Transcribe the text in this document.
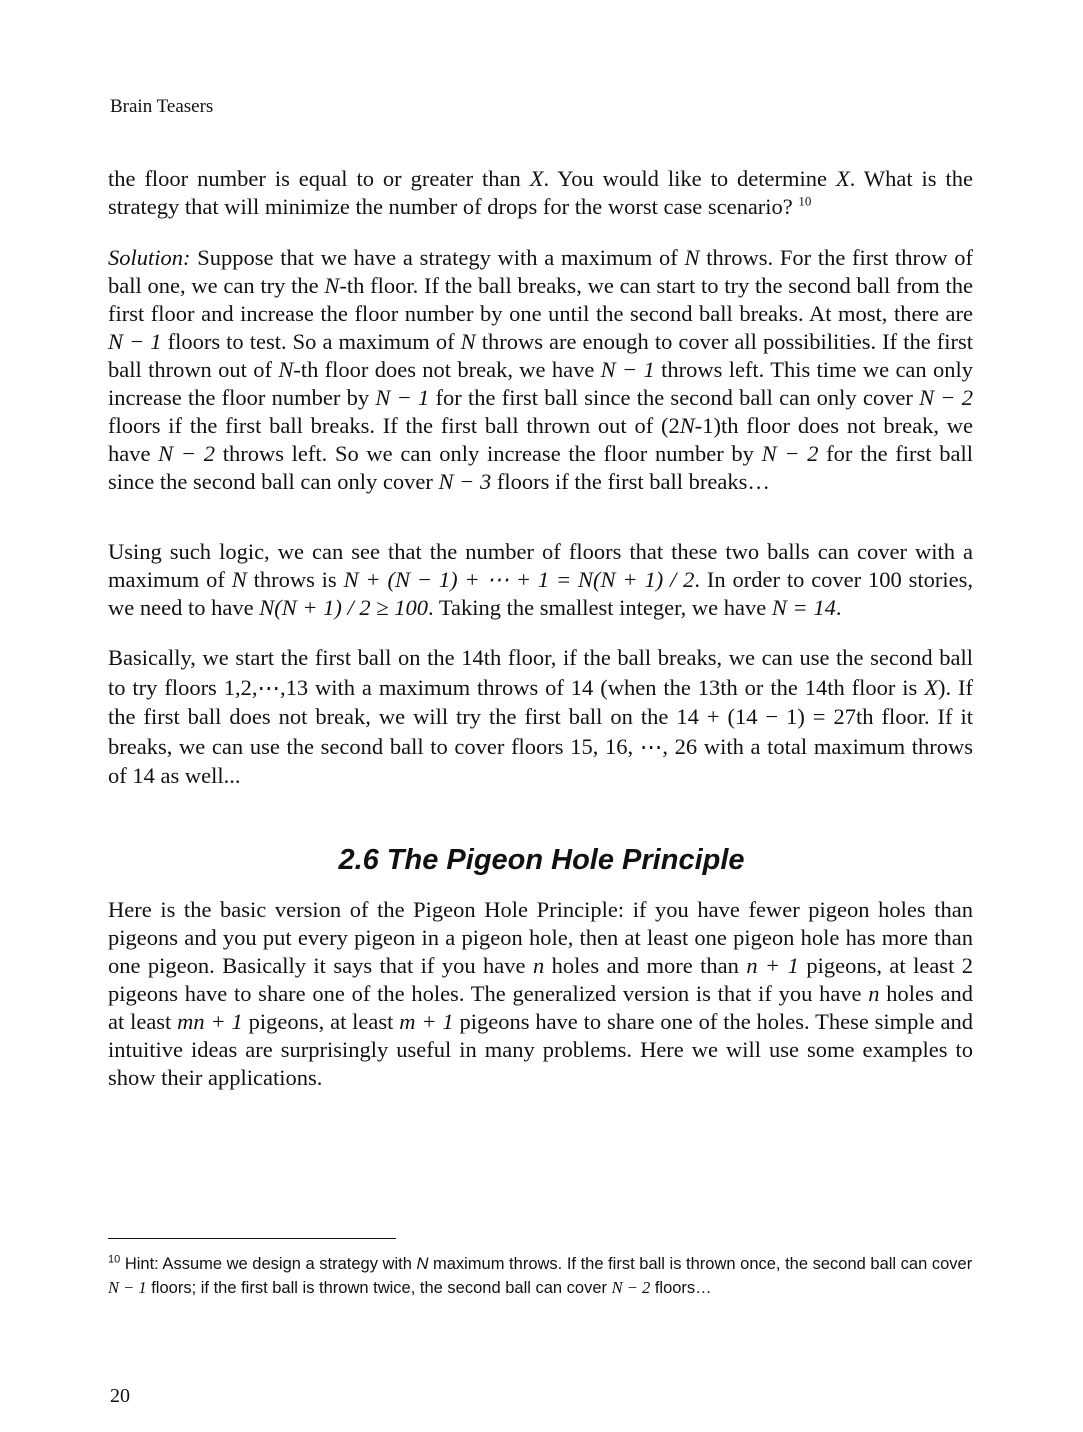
Brain Teasers

the floor number is equal to or greater than X. You would like to determine X. What is the strategy that will minimize the number of drops for the worst case scenario? $^{10}$

Solution: Suppose that we have a strategy with a maximum of N throws. For the first throw of ball one, we can try the N-th floor. If the ball breaks, we can start to try the second ball from the first floor and increase the floor number by one until the second ball breaks. At most, there are N − 1 floors to test. So a maximum of N throws are enough to cover all possibilities. If the first ball thrown out of N-th floor does not break, we have N − 1 throws left. This time we can only increase the floor number by N − 1 for the first ball since the second ball can only cover N − 2 floors if the first ball breaks. If the first ball thrown out of (2N-1)th floor does not break, we have N − 2 throws left. So we can only increase the floor number by N − 2 for the first ball since the second ball can only cover N − 3 floors if the first ball breaks…

Using such logic, we can see that the number of floors that these two balls can cover with a maximum of N throws is N + (N − 1) + ⋯ + 1 = N(N + 1) / 2. In order to cover 100 stories, we need to have N(N + 1) / 2 ≥ 100. Taking the smallest integer, we have N = 14.

Basically, we start the first ball on the 14th floor, if the ball breaks, we can use the second ball to try floors 1,2,⋯,13 with a maximum throws of 14 (when the 13th or the 14th floor is X). If the first ball does not break, we will try the first ball on the 14 + (14 − 1) = 27th floor. If it breaks, we can use the second ball to cover floors 15, 16, ⋯, 26 with a total maximum throws of 14 as well...

2.6 The Pigeon Hole Principle

Here is the basic version of the Pigeon Hole Principle: if you have fewer pigeon holes than pigeons and you put every pigeon in a pigeon hole, then at least one pigeon hole has more than one pigeon. Basically it says that if you have n holes and more than n + 1 pigeons, at least 2 pigeons have to share one of the holes. The generalized version is that if you have n holes and at least mn + 1 pigeons, at least m + 1 pigeons have to share one of the holes. These simple and intuitive ideas are surprisingly useful in many problems. Here we will use some examples to show their applications.

$^{10}$ Hint: Assume we design a strategy with N maximum throws. If the first ball is thrown once, the second ball can cover N − 1 floors; if the first ball is thrown twice, the second ball can cover N − 2 floors…
20
